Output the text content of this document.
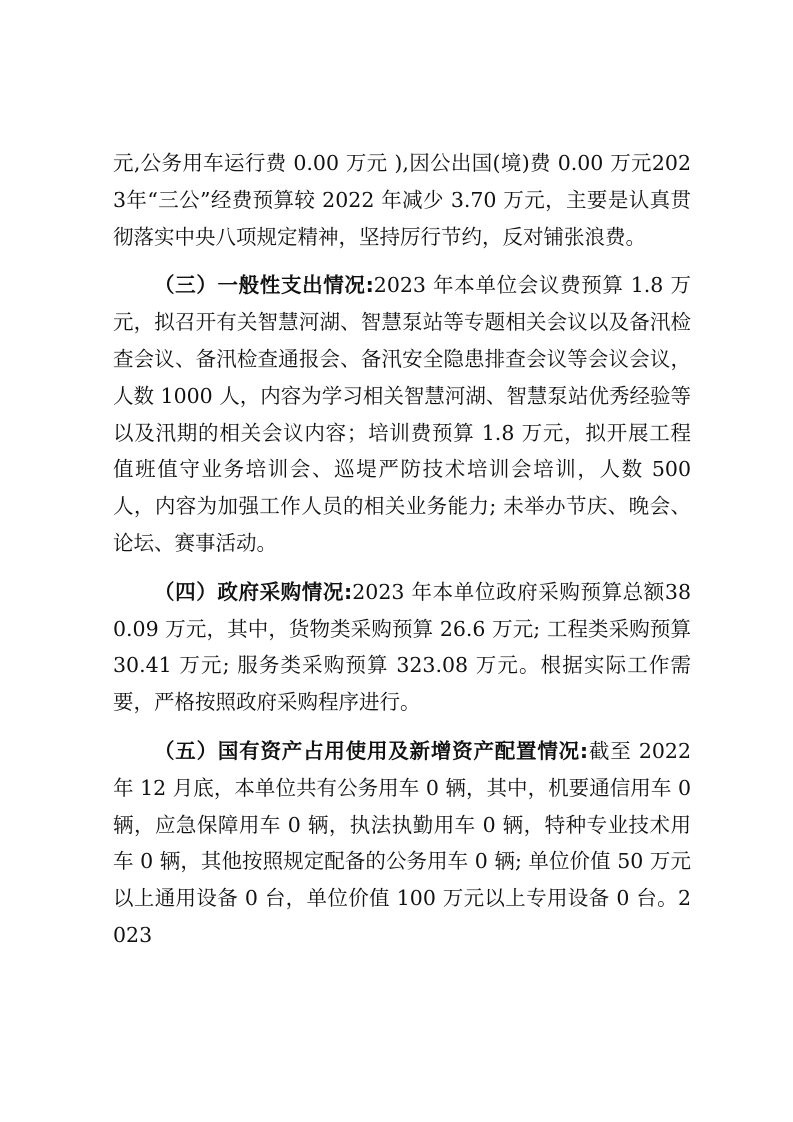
元,公务用车运行费 0.00 万元 ),因公出国(境)费 0.00 万元2023年“三公”经费预算较 2022 年减少 3.70 万元，主要是认真贯彻落实中央八项规定精神，坚持厉行节约，反对铺张浪费。

（三）一般性支出情况:2023 年本单位会议费预算 1.8 万元，拟召开有关智慧河湖、智慧泵站等专题相关会议以及备汛检查会议、备汛检查通报会、备汛安全隐患排查会议等会议会议，人数 1000 人，内容为学习相关智慧河湖、智慧泵站优秀经验等以及汛期的相关会议内容；培训费预算 1.8 万元，拟开展工程值班值守业务培训会、巡堤严防技术培训会培训，人数 500人，内容为加强工作人员的相关业务能力; 未举办节庆、晚会、论坛、赛事活动。

（四）政府采购情况:2023 年本单位政府采购预算总额380.09 万元，其中，货物类采购预算 26.6 万元; 工程类采购预算 30.41 万元; 服务类采购预算 323.08 万元。根据实际工作需要，严格按照政府采购程序进行。

（五）国有资产占用使用及新增资产配置情况:截至 2022年 12 月底，本单位共有公务用车 0 辆，其中，机要通信用车 0辆，应急保障用车 0 辆，执法执勤用车 0 辆，特种专业技术用车 0 辆，其他按照规定配备的公务用车 0 辆; 单位价值 50 万元以上通用设备 0 台，单位价值 100 万元以上专用设备 0 台。2023
